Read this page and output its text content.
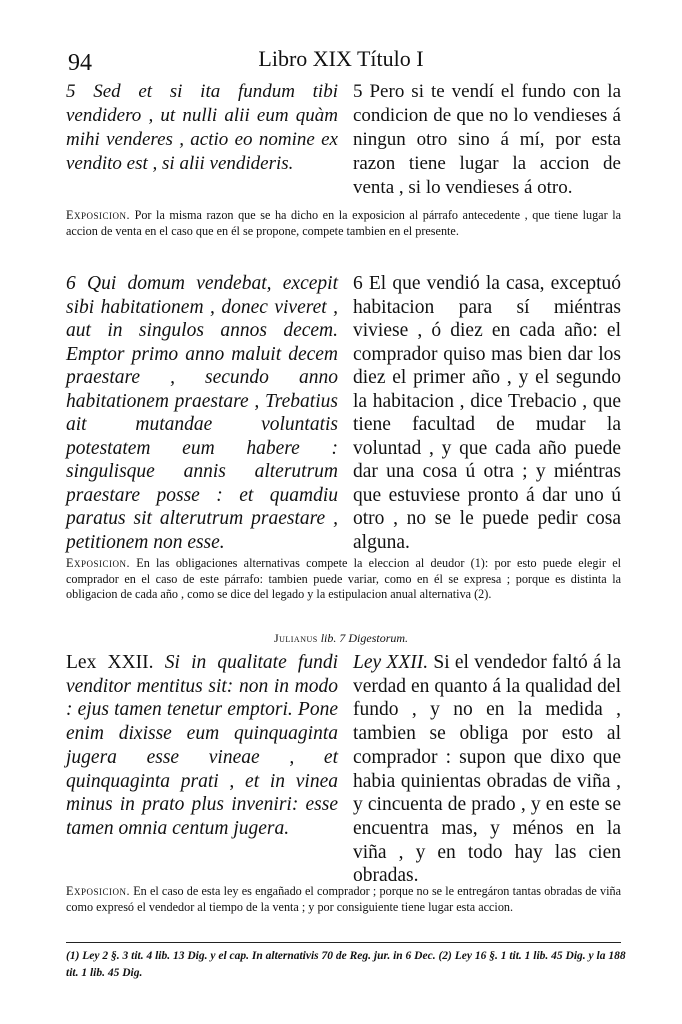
94	Libro XIX Título I
5 Sed et si ita fundum tibi vendidero , ut nulli alii eum quàm mihi venderes , actio eo nomine ex vendito est , si alii vendideris.
5 Pero si te vendí el fundo con la condicion de que no lo vendieses á ningun otro sino á mí, por esta razon tiene lugar la accion de venta , si lo vendieses á otro.
Exposicion. Por la misma razon que se ha dicho en la exposicion al párrafo antecedente , que tiene lugar la accion de venta en el caso que en él se propone, compete tambien en el presente.
6 Qui domum vendebat, excepit sibi habitationem , donec viveret , aut in singulos annos decem. Emptor primo anno maluit decem praestare , secundo anno habitationem praestare , Trebatius ait mutandae voluntatis potestatem eum habere : singulisque annis alterutrum praestare posse : et quamdiu paratus sit alterutrum praestare , petitionem non esse.
6 El que vendió la casa, exceptuó habitacion para sí miéntras viviese , ó diez en cada año: el comprador quiso mas bien dar los diez el primer año , y el segundo la habitacion , dice Trebacio , que tiene facultad de mudar la voluntad , y que cada año puede dar una cosa ú otra ; y miéntras que estuviese pronto á dar uno ú otro , no se le puede pedir cosa alguna.
Exposicion. En las obligaciones alternativas compete la eleccion al deudor (1): por esto puede elegir el comprador en el caso de este párrafo: tambien puede variar, como en él se expresa ; porque es distinta la obligacion de cada año , como se dice del legado y la estipulacion anual alternativa (2).
Julianus lib. 7 Digestorum.
Lex XXII. Si in qualitate fundi venditor mentitus sit: non in modo : ejus tamen tenetur emptori. Pone enim dixisse eum quinquaginta jugera esse vineae , et quinquaginta prati , et in vinea minus in prato plus inveniri: esse tamen omnia centum jugera.
Ley XXII. Si el vendedor faltó á la verdad en quanto á la qualidad del fundo , y no en la medida , tambien se obliga por esto al comprador : supon que dixo que habia quinientas obradas de viña , y cincuenta de prado , y en este se encuentra mas, y ménos en la viña , y en todo hay las cien obradas.
Exposicion. En el caso de esta ley es engañado el comprador ; porque no se le entregáron tantas obradas de viña como expresó el vendedor al tiempo de la venta ; y por consiguiente tiene lugar esta accion.
(1) Ley 2 §. 3 tit. 4 lib. 13 Dig. y el cap. In alternativis 70 de Reg. jur. in 6 Dec. (2) Ley 16 §. 1 tit. 1 lib. 45 Dig. y la 188 tit. 1 lib. 45 Dig.
